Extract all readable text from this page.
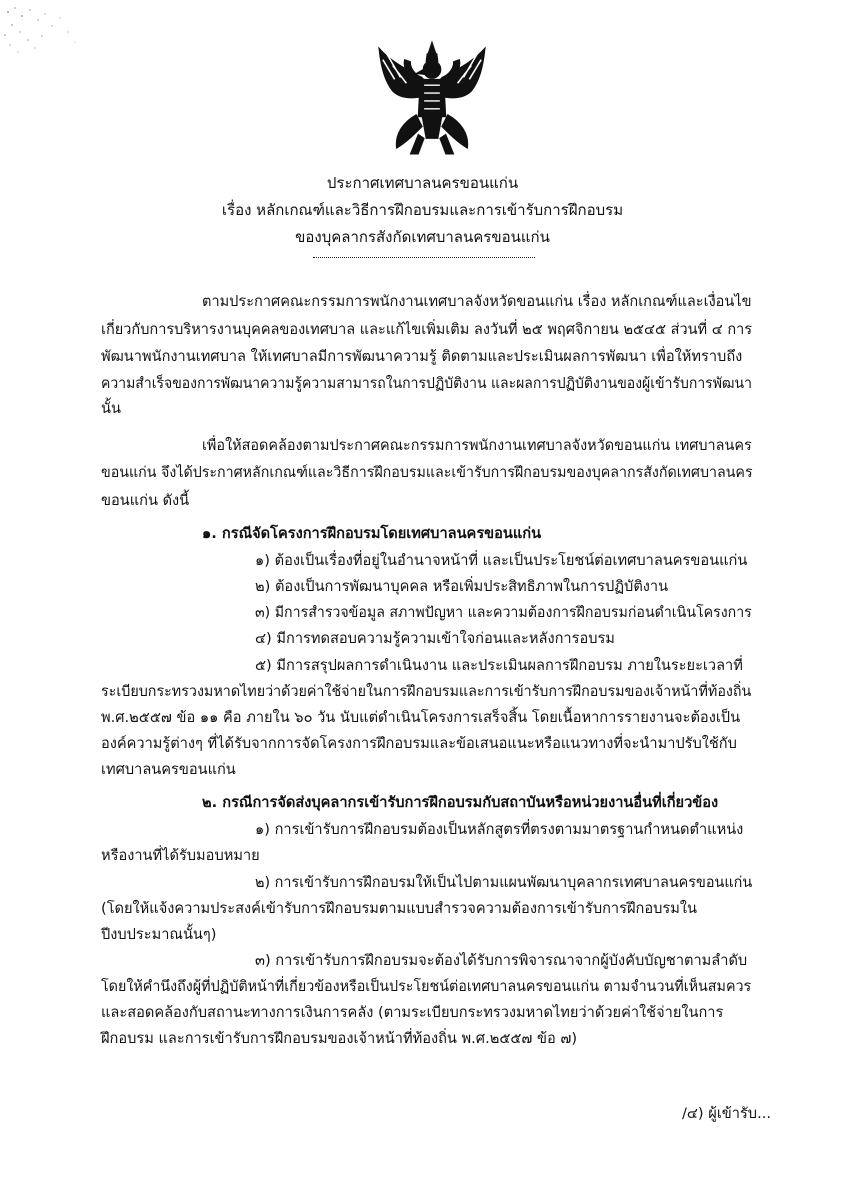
ประกาศเทศบาลนครขอนแก่น
เรื่อง หลักเกณฑ์และวิธีการฝึกอบรมและการเข้ารับการฝึกอบรม
ของบุคลากรสังกัดเทศบาลนครขอนแก่น
ตามประกาศคณะกรรมการพนักงานเทศบาลจังหวัดขอนแก่น เรื่อง หลักเกณฑ์และเงื่อนไข
เกี่ยวกับการบริหารงานบุคคลของเทศบาล และแก้ไขเพิ่มเติม ลงวันที่ ๒๕ พฤศจิกายน ๒๕๔๕ ส่วนที่ ๔ การ
พัฒนาพนักงานเทศบาล ให้เทศบาลมีการพัฒนาความรู้ ติดตามและประเมินผลการพัฒนา เพื่อให้ทราบถึง
ความสำเร็จของการพัฒนาความรู้ความสามารถในการปฏิบัติงาน และผลการปฏิบัติงานของผู้เข้ารับการพัฒนา
นั้น
เพื่อให้สอดคล้องตามประกาศคณะกรรมการพนักงานเทศบาลจังหวัดขอนแก่น เทศบาลนคร
ขอนแก่น จึงได้ประกาศหลักเกณฑ์และวิธีการฝึกอบรมและเข้ารับการฝึกอบรมของบุคลากรสังกัดเทศบาลนคร
ขอนแก่น ดังนี้
๑. กรณีจัดโครงการฝึกอบรมโดยเทศบาลนครขอนแก่น
๑) ต้องเป็นเรื่องที่อยู่ในอำนาจหน้าที่ และเป็นประโยชน์ต่อเทศบาลนครขอนแก่น
๒) ต้องเป็นการพัฒนาบุคคล หรือเพิ่มประสิทธิภาพในการปฏิบัติงาน
๓) มีการสำรวจข้อมูล สภาพปัญหา และความต้องการฝึกอบรมก่อนดำเนินโครงการ
๔) มีการทดสอบความรู้ความเข้าใจก่อนและหลังการอบรม
๕) มีการสรุปผลการดำเนินงาน และประเมินผลการฝึกอบรม ภายในระยะเวลาที่
ระเบียบกระทรวงมหาดไทยว่าด้วยค่าใช้จ่ายในการฝึกอบรมและการเข้ารับการฝึกอบรมของเจ้าหน้าที่ท้องถิ่น
พ.ศ.๒๕๕๗ ข้อ ๑๑ คือ ภายใน ๖๐ วัน นับแต่ดำเนินโครงการเสร็จสิ้น โดยเนื้อหาการรายงานจะต้องเป็น
องค์ความรู้ต่างๆ ที่ได้รับจากการจัดโครงการฝึกอบรมและข้อเสนอแนะหรือแนวทางที่จะนำมาปรับใช้กับ
เทศบาลนครขอนแก่น
๒. กรณีการจัดส่งบุคลากรเข้ารับการฝึกอบรมกับสถาบันหรือหน่วยงานอื่นที่เกี่ยวข้อง
๑) การเข้ารับการฝึกอบรมต้องเป็นหลักสูตรที่ตรงตามมาตรฐานกำหนดตำแหน่ง
หรืองานที่ได้รับมอบหมาย
๒) การเข้ารับการฝึกอบรมให้เป็นไปตามแผนพัฒนาบุคลากรเทศบาลนครขอนแก่น
(โดยให้แจ้งความประสงค์เข้ารับการฝึกอบรมตามแบบสำรวจความต้องการเข้ารับการฝึกอบรมใน
ปีงบประมาณนั้นๆ)
๓) การเข้ารับการฝึกอบรมจะต้องได้รับการพิจารณาจากผู้บังคับบัญชาตามลำดับ
โดยให้คำนึงถึงผู้ที่ปฏิบัติหน้าที่เกี่ยวข้องหรือเป็นประโยชน์ต่อเทศบาลนครขอนแก่น ตามจำนวนที่เห็นสมควร
และสอดคล้องกับสถานะทางการเงินการคลัง (ตามระเบียบกระทรวงมหาดไทยว่าด้วยค่าใช้จ่ายในการ
ฝึกอบรม และการเข้ารับการฝึกอบรมของเจ้าหน้าที่ท้องถิ่น พ.ศ.๒๕๕๗ ข้อ ๗)
/๔) ผู้เข้ารับ...
